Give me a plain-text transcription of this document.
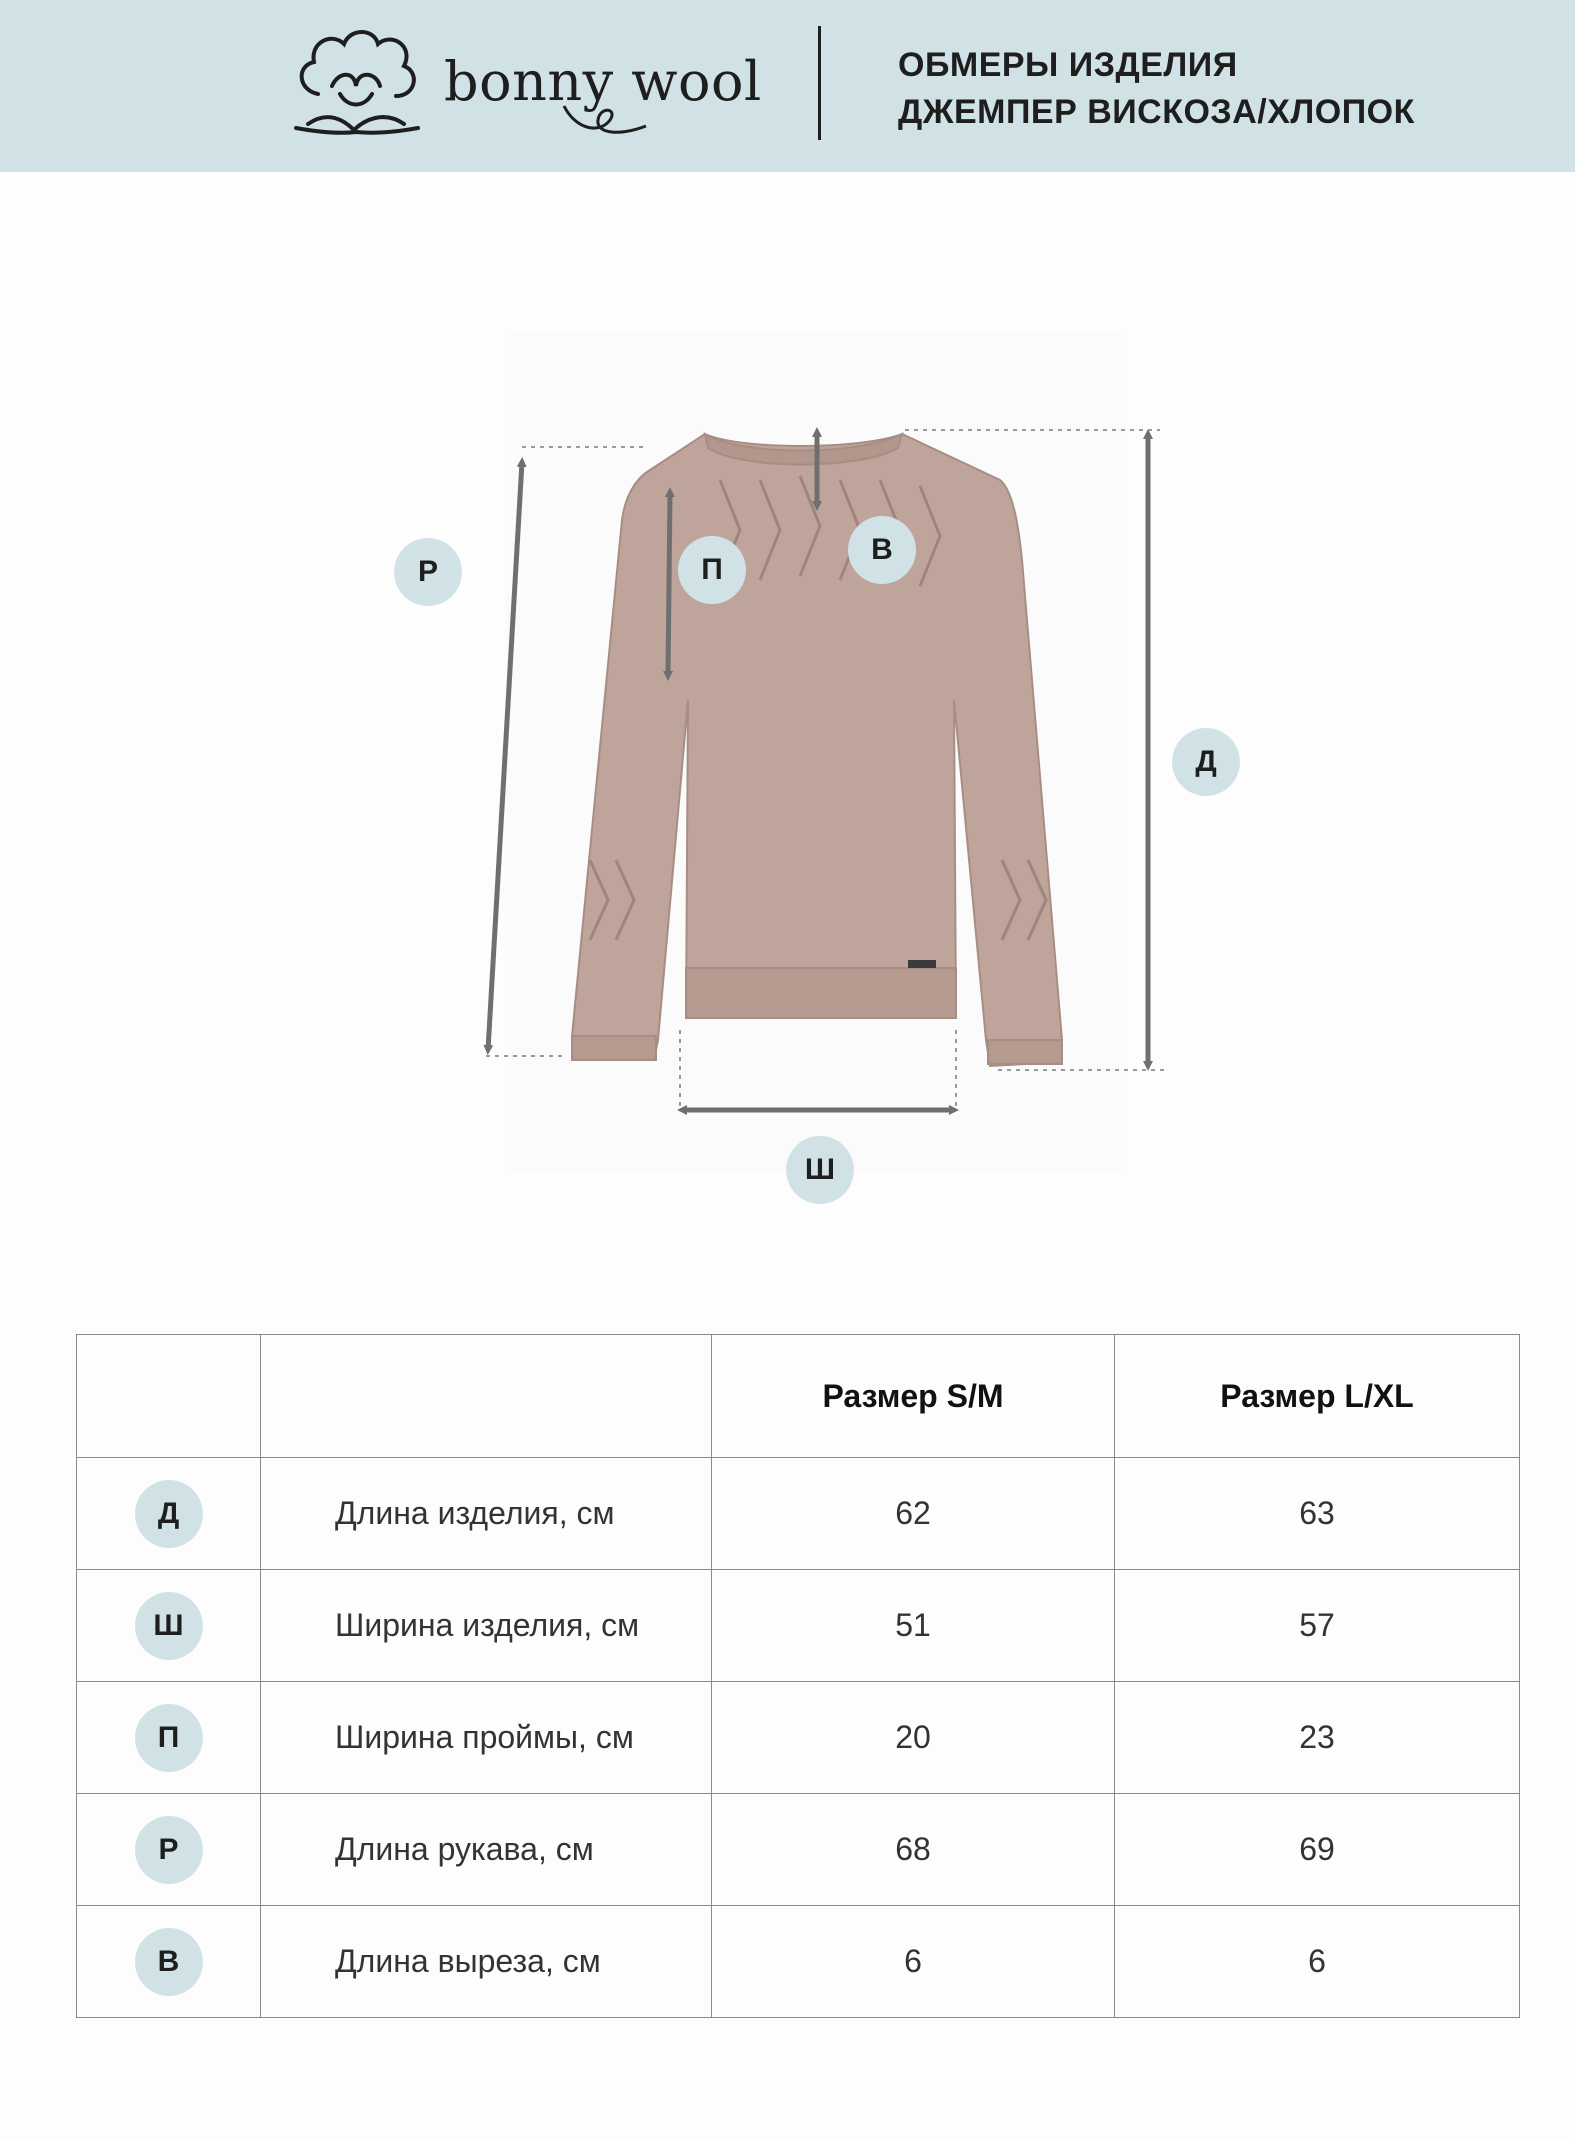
bonny wool	ОБМЕРЫ ИЗДЕЛИЯ
ДЖЕМПЕР ВИСКОЗА/ХЛОПОК
Р	П
В
Д
Ш
		Размер S/M	Размер L/XL
Д	Длина изделия, см	62	63
Ш	Ширина изделия, см	51	57
П	Ширина проймы, см	20	23
Р	Длина рукава, см	68	69
В	Длина выреза, см	6	6
